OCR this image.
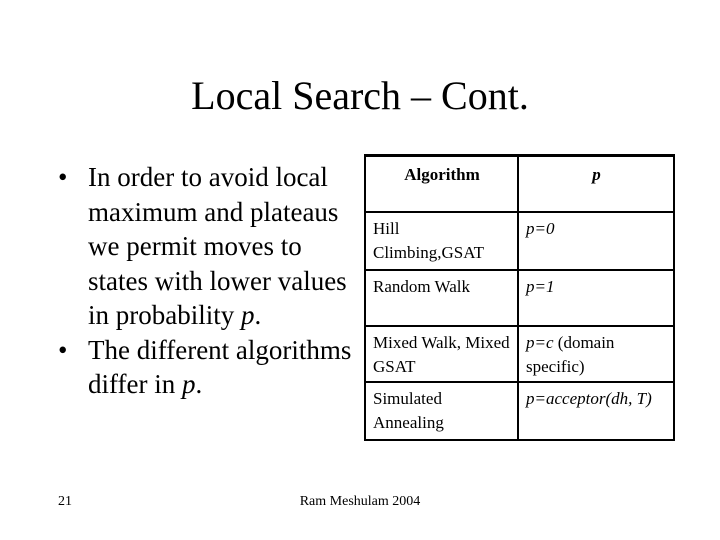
Local Search – Cont.
• In order to avoid local maximum and plateaus we permit moves to states with lower values in probability p.
• The different algorithms differ in p.
Algorithm	p
Hill Climbing,GSAT	p=0
Random Walk	p=1
Mixed Walk, Mixed GSAT	p=c (domain specific)
Simulated Annealing	p=acceptor(dh, T)
21	Ram Meshulam 2004
